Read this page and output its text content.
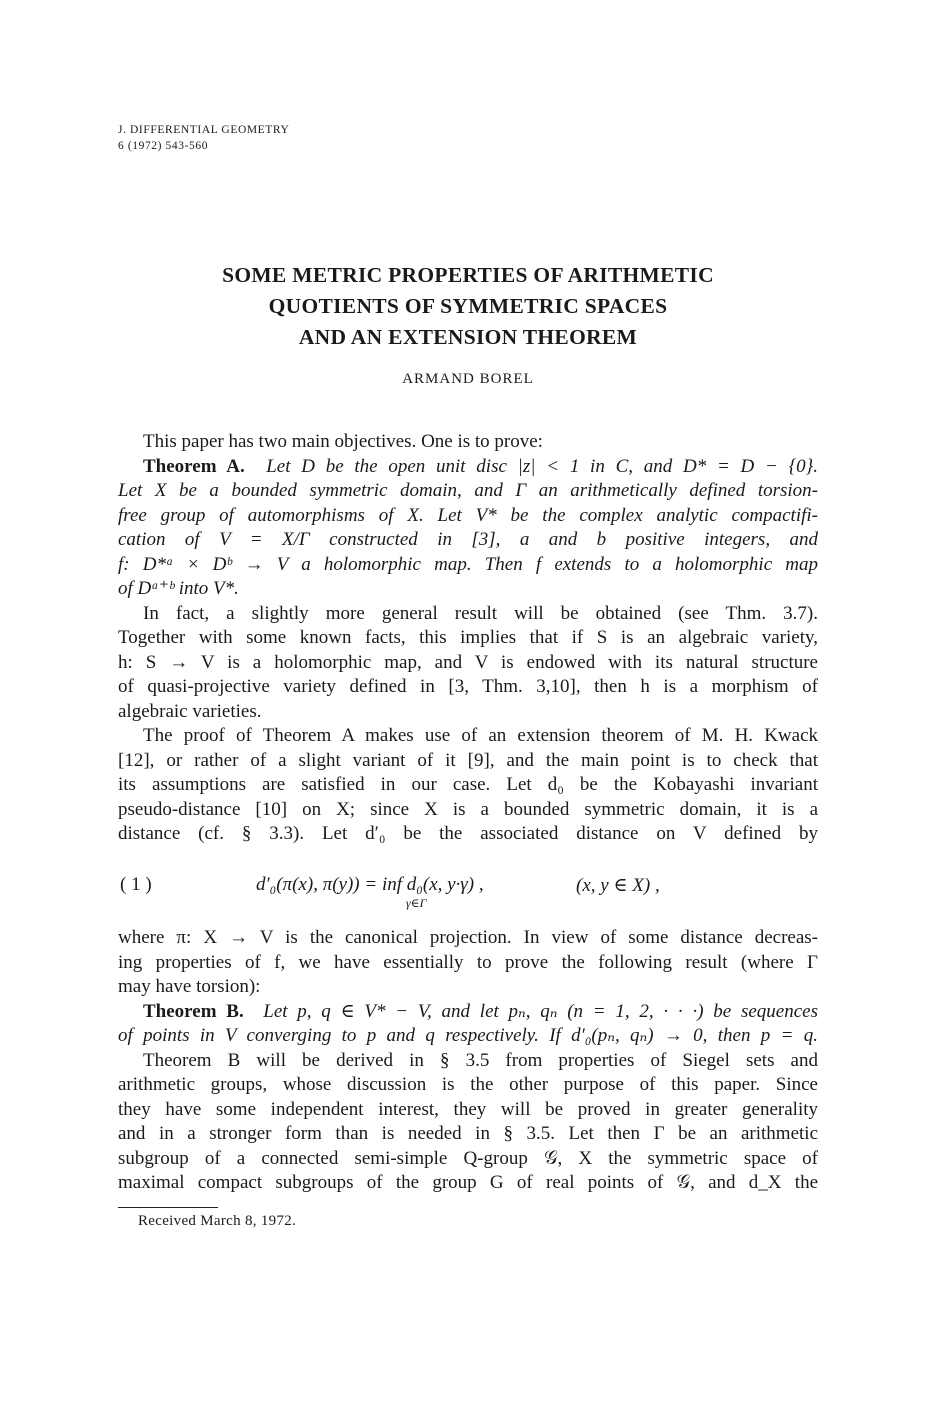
J. DIFFERENTIAL GEOMETRY
6 (1972) 543-560
SOME METRIC PROPERTIES OF ARITHMETIC
QUOTIENTS OF SYMMETRIC SPACES
AND AN EXTENSION THEOREM
ARMAND BOREL
This paper has two main objectives. One is to prove:
Theorem A. Let D be the open unit disc |z| < 1 in C, and D* = D − {0}.
Let X be a bounded symmetric domain, and Γ an arithmetically defined torsion-
free group of automorphisms of X. Let V* be the complex analytic compactifi-
cation of V = X/Γ constructed in [3], a and b positive integers, and
f: D*ᵃ × Dᵇ → V a holomorphic map. Then f extends to a holomorphic map
of Dᵃ⁺ᵇ into V*.
In fact, a slightly more general result will be obtained (see Thm. 3.7).
Together with some known facts, this implies that if S is an algebraic variety,
h: S → V is a holomorphic map, and V is endowed with its natural structure
of quasi-projective variety defined in [3, Thm. 3,10], then h is a morphism of
algebraic varieties.
The proof of Theorem A makes use of an extension theorem of M. H. Kwack
[12], or rather of a slight variant of it [9], and the main point is to check that
its assumptions are satisfied in our case. Let d₀ be the Kobayashi invariant
pseudo-distance [10] on X; since X is a bounded symmetric domain, it is a
distance (cf. § 3.3). Let d′₀ be the associated distance on V defined by
( 1 )	d′₀(π(x), π(y)) = inf d₀(x, y·γ) ,
γ∈Γ
(x, y ∈ X) ,
where π: X → V is the canonical projection. In view of some distance decreas-
ing properties of f, we have essentially to prove the following result (where Γ
may have torsion):
Theorem B. Let p, q ∈ V* − V, and let pₙ, qₙ (n = 1, 2, · · ·) be sequences
of points in V converging to p and q respectively. If d′₀(pₙ, qₙ) → 0, then p = q.
Theorem B will be derived in § 3.5 from properties of Siegel sets and
arithmetic groups, whose discussion is the other purpose of this paper. Since
they have some independent interest, they will be proved in greater generality
and in a stronger form than is needed in § 3.5. Let then Γ be an arithmetic
subgroup of a connected semi-simple Q-group 𝒢, X the symmetric space of
maximal compact subgroups of the group G of real points of 𝒢, and d_X the
Received March 8, 1972.
